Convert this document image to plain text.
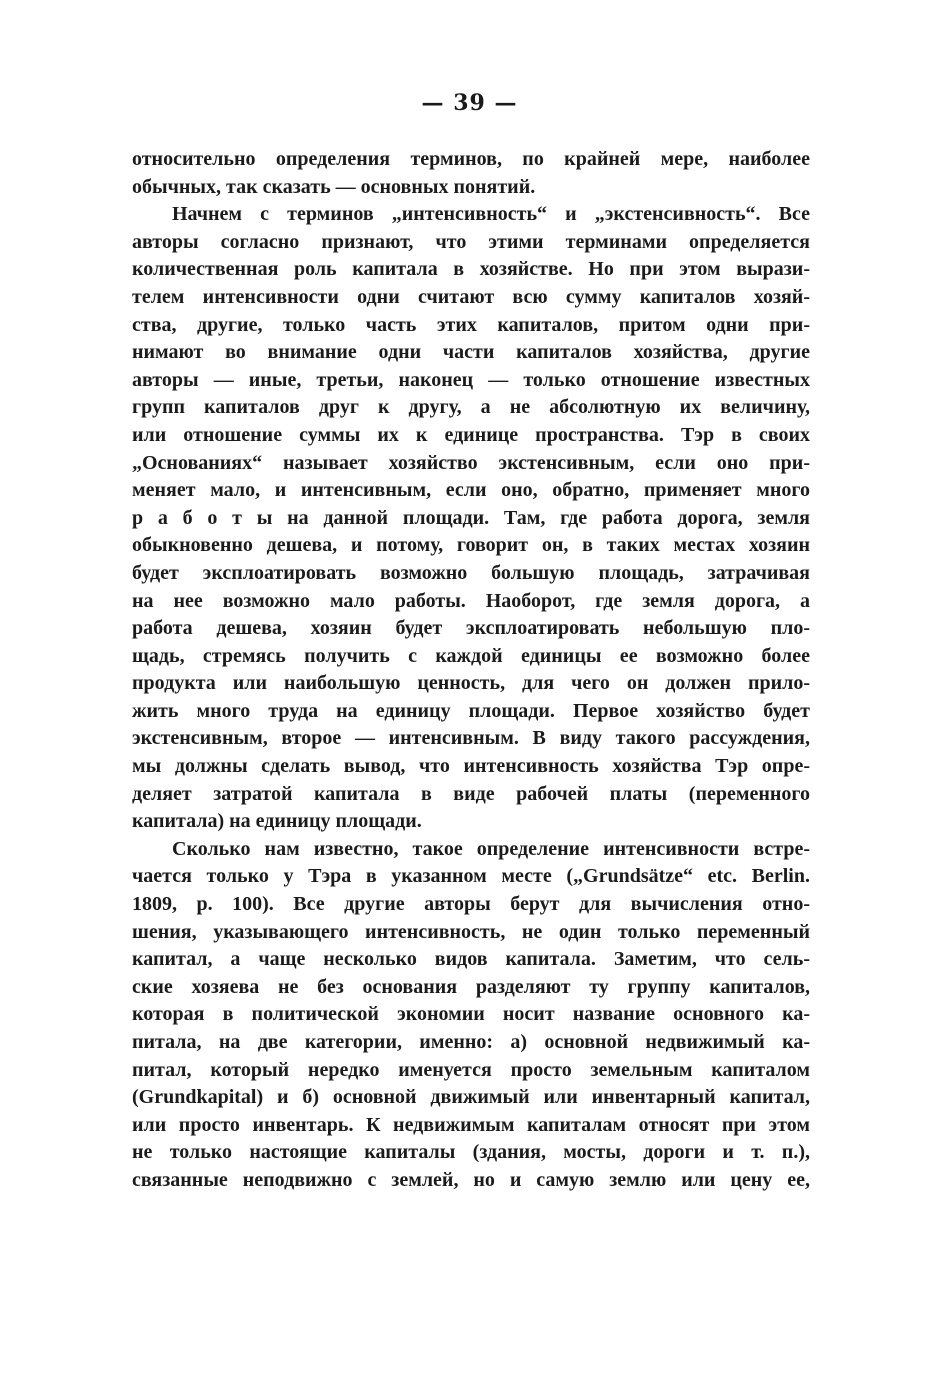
— 39 —
относительно определения терминов, по крайней мере, наиболее
обычных, так сказать — основных понятий.
Начнем с терминов „интенсивность“ и „экстенсивность“. Все
авторы согласно признают, что этими терминами определяется
количественная роль капитала в хозяйстве. Но при этом вырази-
телем интенсивности одни считают всю сумму капиталов хозяй-
ства, другие, только часть этих капиталов, притом одни при-
нимают во внимание одни части капиталов хозяйства, другие
авторы — иные, третьи, наконец — только отношение известных
групп капиталов друг к другу, а не абсолютную их величину,
или отношение суммы их к единице пространства. Тэр в своих
„Основаниях“ называет хозяйство экстенсивным, если оно при-
меняет мало, и интенсивным, если оно, обратно, применяет много
р а б о т ы на данной площади. Там, где работа дорога, земля
обыкновенно дешева, и потому, говорит он, в таких местах хозяин
будет эксплоатировать возможно большую площадь, затрачивая
на нее возможно мало работы. Наоборот, где земля дорога, а
работа дешева, хозяин будет эксплоатировать небольшую пло-
щадь, стремясь получить с каждой единицы ее возможно более
продукта или наибольшую ценность, для чего он должен прило-
жить много труда на единицу площади. Первое хозяйство будет
экстенсивным, второе — интенсивным. В виду такого рассуждения,
мы должны сделать вывод, что интенсивность хозяйства Тэр опре-
деляет затратой капитала в виде рабочей платы (переменного
капитала) на единицу площади.
Сколько нам известно, такое определение интенсивности встре-
чается только у Тэра в указанном месте („Grundsätze“ etc. Berlin.
1809, p. 100). Все другие авторы берут для вычисления отно-
шения, указывающего интенсивность, не один только переменный
капитал, а чаще несколько видов капитала. Заметим, что сель-
ские хозяева не без основания разделяют ту группу капиталов,
которая в политической экономии носит название основного ка-
питала, на две категории, именно: а) основной недвижимый ка-
питал, который нередко именуется просто земельным капиталом
(Grundkapital) и б) основной движимый или инвентарный капитал,
или просто инвентарь. К недвижимым капиталам относят при этом
не только настоящие капиталы (здания, мосты, дороги и т. п.),
связанные неподвижно с землей, но и самую землю или цену ее,
